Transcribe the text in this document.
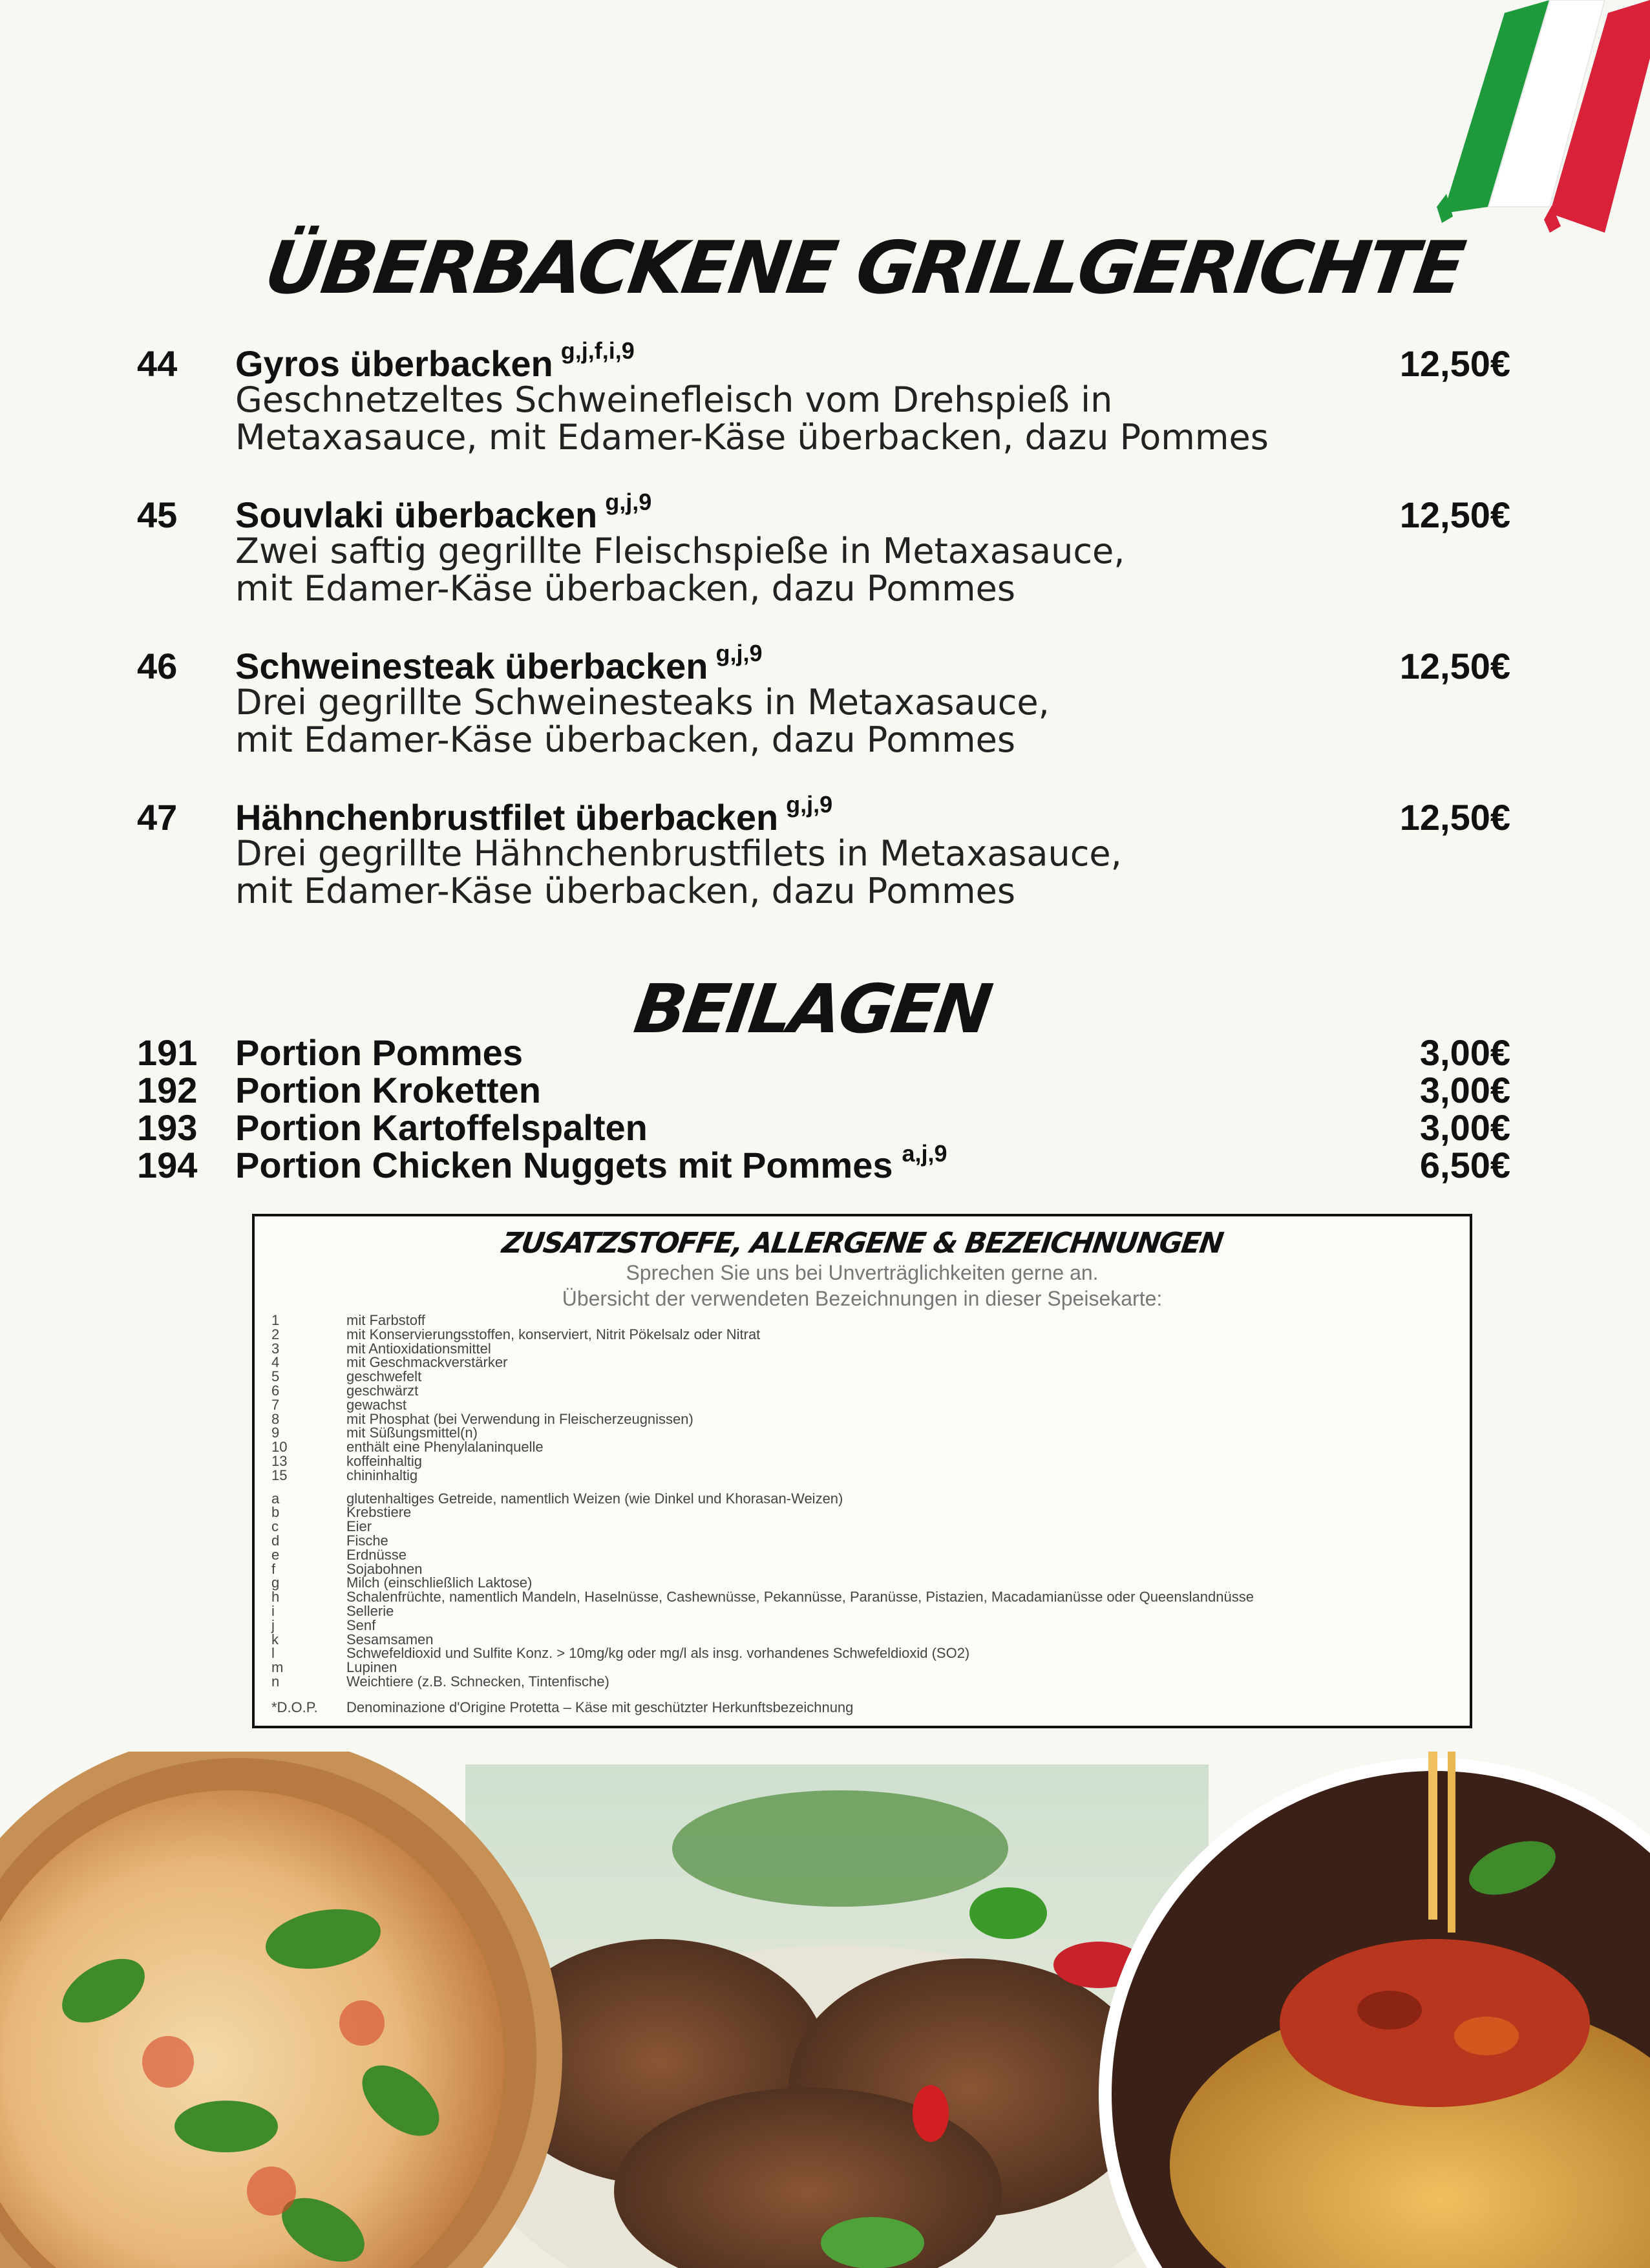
ÜBERBACKENE GRILLGERICHTE
44 Gyros überbacken $^{g,j,f,i,9}$	12,50€
Geschnetzeltes Schweinefleisch vom Drehspieß in
Metaxasauce, mit Edamer-Käse überbacken, dazu Pommes
45 Souvlaki überbacken $^{g,j,9}$	12,50€
Zwei saftig gegrillte Fleischspieße in Metaxasauce,
mit Edamer-Käse überbacken, dazu Pommes
46 Schweinesteak überbacken $^{g,j,9}$	12,50€
Drei gegrillte Schweinesteaks in Metaxasauce,
mit Edamer-Käse überbacken, dazu Pommes
47 Hähnchenbrustfilet überbacken $^{g,j,9}$	12,50€
Drei gegrillte Hähnchenbrustfilets in Metaxasauce,
mit Edamer-Käse überbacken, dazu Pommes
BEILAGEN
191 Portion Pommes	3,00€
192 Portion Kroketten	3,00€
193 Portion Kartoffelspalten	3,00€
194 Portion Chicken Nuggets mit Pommes $^{a,j,9}$	6,50€
ZUSATZSTOFFE, ALLERGENE & BEZEICHNUNGEN
Sprechen Sie uns bei Unverträglichkeiten gerne an.
Übersicht der verwendeten Bezeichnungen in dieser Speisekarte:
1	mit Farbstoff
2	mit Konservierungsstoffen, konserviert, Nitrit Pökelsalz oder Nitrat
3	mit Antioxidationsmittel
4	mit Geschmackverstärker
5	geschwefelt
6	geschwärzt
7	gewachst
8	mit Phosphat (bei Verwendung in Fleischerzeugnissen)
9	mit Süßungsmittel(n)
10	enthält eine Phenylalaninquelle
13	koffeinhaltig
15	chininhaltig
a	glutenhaltiges Getreide, namentlich Weizen (wie Dinkel und Khorasan-Weizen)
b	Krebstiere
c	Eier
d	Fische
e	Erdnüsse
f	Sojabohnen
g	Milch (einschließlich Laktose)
h	Schalenfrüchte, namentlich Mandeln, Haselnüsse, Cashewnüsse, Pekannüsse, Paranüsse, Pistazien, Macadamianüsse oder Queenslandnüsse
i	Sellerie
j	Senf
k	Sesamsamen
l	Schwefeldioxid und Sulfite Konz. > 10mg/kg oder mg/l als insg. vorhandenes Schwefeldioxid (SO2)
m	Lupinen
n	Weichtiere (z.B. Schnecken, Tintenfische)
*D.O.P. Denominazione d'Origine Protetta – Käse mit geschützter Herkunftsbezeichnung
